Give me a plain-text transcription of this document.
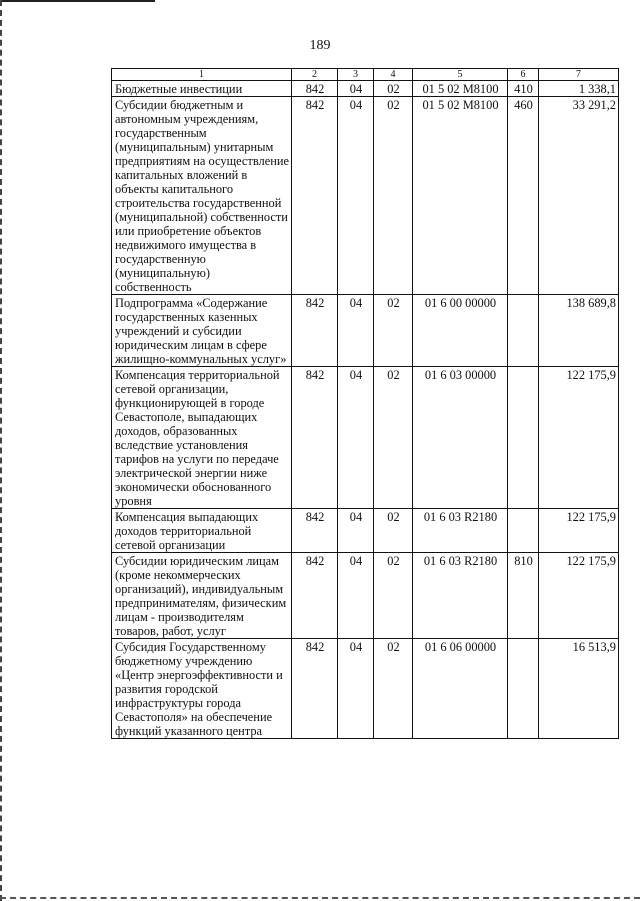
189
1	2	3	4	5	6	7
Бюджетные инвестиции	842	04	02	01 5 02 M8100	410	1 338,1
Субсидии бюджетным и автономным учреждениям, государственным (муниципальным) унитарным предприятиям на осуществление капитальных вложений в объекты капитального строительства государственной (муниципальной) собственности или приобретение объектов недвижимого имущества в государственную (муниципальную) собственность	842	04	02	01 5 02 M8100	460	33 291,2
Подпрограмма «Содержание государственных казенных учреждений и субсидии юридическим лицам в сфере жилищно-коммунальных услуг»	842	04	02	01 6 00 00000		138 689,8
Компенсация территориальной сетевой организации, функционирующей в городе Севастополе, выпадающих доходов, образованных вследствие установления тарифов на услуги по передаче электрической энергии ниже экономически обоснованного уровня	842	04	02	01 6 03 00000		122 175,9
Компенсация выпадающих доходов территориальной сетевой организации	842	04	02	01 6 03 R2180		122 175,9
Субсидии юридическим лицам (кроме некоммерческих организаций), индивидуальным предпринимателям, физическим лицам - производителям товаров, работ, услуг	842	04	02	01 6 03 R2180	810	122 175,9
Субсидия Государственному бюджетному учреждению «Центр энергоэффективности и развития городской инфраструктуры города Севастополя» на обеспечение функций указанного центра	842	04	02	01 6 06 00000		16 513,9
